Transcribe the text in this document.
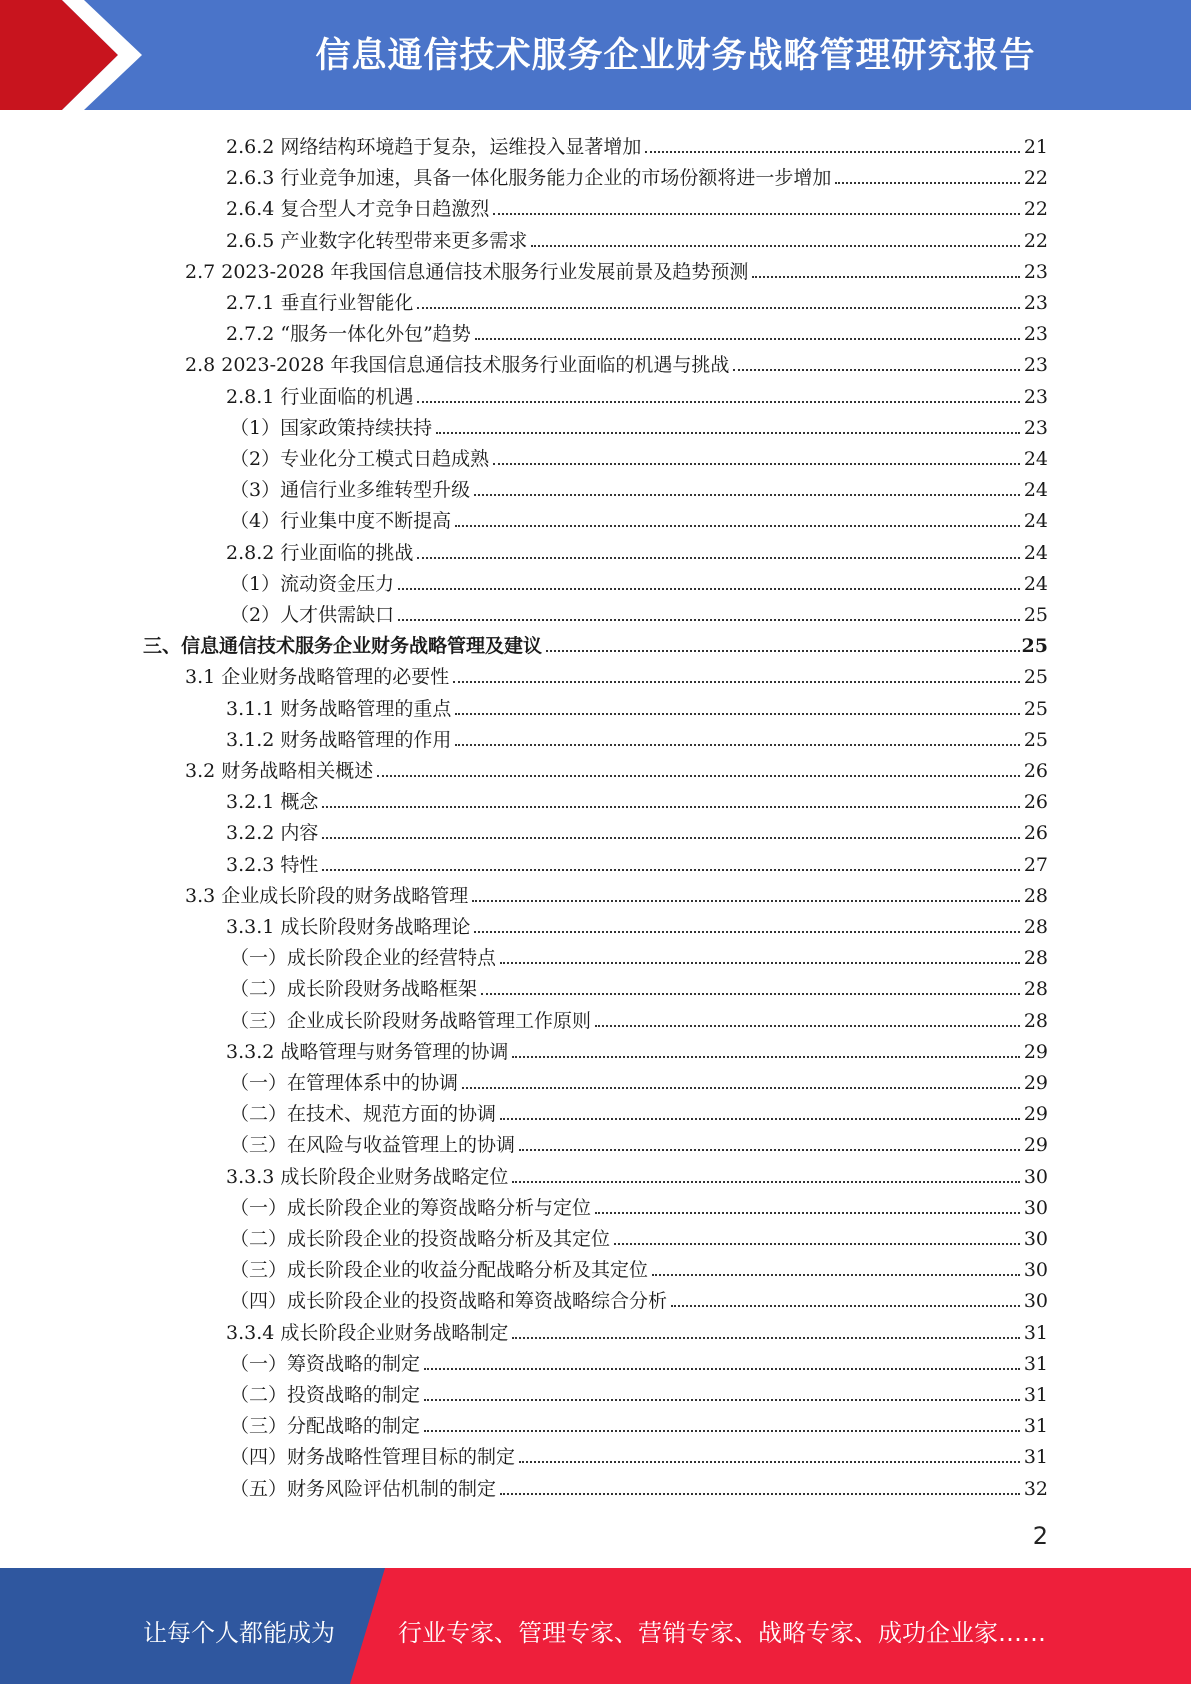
信息通信技术服务企业财务战略管理研究报告
2.6.2 网络结构环境趋于复杂，运维投入显著增加	21
2.6.3 行业竞争加速，具备一体化服务能力企业的市场份额将进一步增加	22
2.6.4 复合型人才竞争日趋激烈	22
2.6.5 产业数字化转型带来更多需求	22
2.7 2023-2028 年我国信息通信技术服务行业发展前景及趋势预测	23
2.7.1 垂直行业智能化	23
2.7.2 “服务一体化外包”趋势	23
2.8 2023-2028 年我国信息通信技术服务行业面临的机遇与挑战	23
2.8.1 行业面临的机遇	23
（1）国家政策持续扶持	23
（2）专业化分工模式日趋成熟	24
（3）通信行业多维转型升级	24
（4）行业集中度不断提高	24
2.8.2 行业面临的挑战	24
（1）流动资金压力	24
（2）人才供需缺口	25
三、信息通信技术服务企业财务战略管理及建议	25
3.1 企业财务战略管理的必要性	25
3.1.1 财务战略管理的重点	25
3.1.2 财务战略管理的作用	25
3.2 财务战略相关概述	26
3.2.1 概念	26
3.2.2 内容	26
3.2.3 特性	27
3.3 企业成长阶段的财务战略管理	28
3.3.1 成长阶段财务战略理论	28
（一）成长阶段企业的经营特点	28
（二）成长阶段财务战略框架	28
（三）企业成长阶段财务战略管理工作原则	28
3.3.2 战略管理与财务管理的协调	29
（一）在管理体系中的协调	29
（二）在技术、规范方面的协调	29
（三）在风险与收益管理上的协调	29
3.3.3 成长阶段企业财务战略定位	30
（一）成长阶段企业的筹资战略分析与定位	30
（二）成长阶段企业的投资战略分析及其定位	30
（三）成长阶段企业的收益分配战略分析及其定位	30
（四）成长阶段企业的投资战略和筹资战略综合分析	30
3.3.4 成长阶段企业财务战略制定	31
（一）筹资战略的制定	31
（二）投资战略的制定	31
（三）分配战略的制定	31
（四）财务战略性管理目标的制定	31
（五）财务风险评估机制的制定	32
2
让每个人都能成为	行业专家、管理专家、营销专家、战略专家、成功企业家……
